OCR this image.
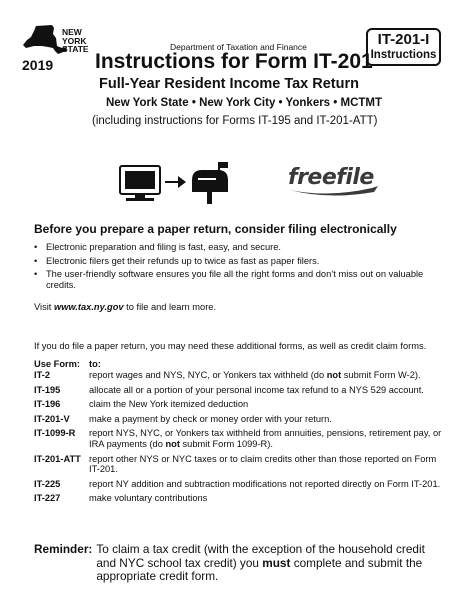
NEW
YORK
STATE
2019
Department of Taxation and Finance
Instructions for Form IT-201
Full-Year Resident Income Tax Return
New York State • New York City • Yonkers • MCTMT
(including instructions for Forms IT-195 and IT-201-ATT)
IT-201-I
Instructions
freefile
Before you prepare a paper return, consider filing electronically
• Electronic preparation and filing is fast, easy, and secure.
• Electronic filers get their refunds up to twice as fast as paper filers.
• The user-friendly software ensures you file all the right forms and don’t miss out on valuable credits.
Visit www.tax.ny.gov to file and learn more.
If you do file a paper return, you may need these additional forms, as well as credit claim forms.
Use Form: to:
IT-2	report wages and NYS, NYC, or Yonkers tax withheld (do not submit Form W-2).
IT-195	allocate all or a portion of your personal income tax refund to a NYS 529 account.
IT-196	claim the New York itemized deduction
IT-201-V	make a payment by check or money order with your return.
IT-1099-R	report NYS, NYC, or Yonkers tax withheld from annuities, pensions, retirement pay, or IRA payments (do not submit Form 1099-R).
IT-201-ATT report other NYS or NYC taxes or to claim credits other than those reported on Form IT-201.
IT-225	report NY addition and subtraction modifications not reported directly on Form IT-201.
IT-227	make voluntary contributions
Reminder: To claim a tax credit (with the exception of the household credit and NYC school tax credit) you must complete and submit the appropriate credit form.
